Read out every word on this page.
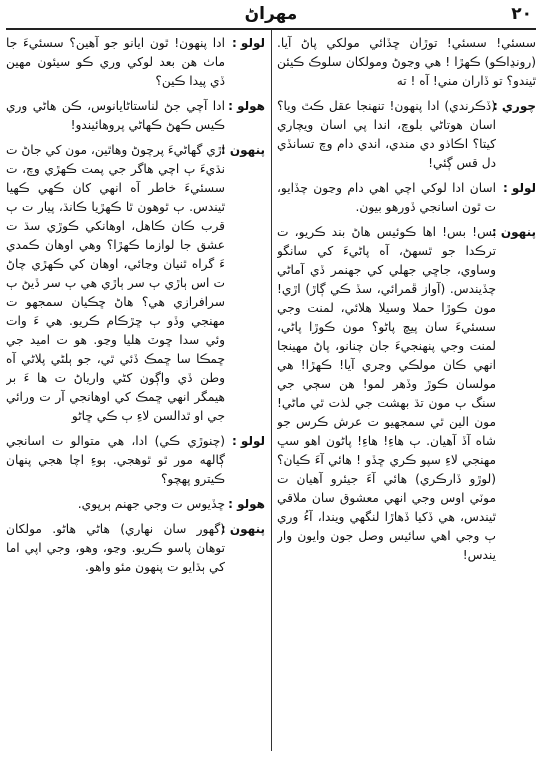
٢٠
مھراڻ
سسئي! سسئي! توڙان ڇڏائي مولکي پاڻ آيا. (رونڍاڪو) ڪهڙا ! هي وڃوڻ ومولکان سلوڪ ڪيئن ٿيندو؟ تو ڏاران مني! آه ! ته
چوري :
(ڏڪرندي) ادا پنهون! تنهنجا عقل ڪٿ ويا؟ اسان هوتاڻي بلوچ، اندا پي اسان ويچاري کيتا؟ اڪاذو دي مندي، اندي دام وچ تسانڏي دل قس ڳئي!
لولو :
اسان ادا لوکي اچي اهي دام وڃون چڏايو، ت ٿون اسانجي ڏورهو بيون.
پنهون :
بس! بس! اها ڪوئيس هاڻ بند ڪريو، ت ترڪدا جو ٿسهڻ، آه پاڻيءَ کي سانگو وساوي، جاڇي جهلي کي جهنمر ڏي آماڻي چڏيندس. (آواز ڦمرائي، سڏ ڪي ڳاڙ) اڙي! مون ڪوڙا حملا وسيلا هلائي، لمنت وجي سسئيءَ سان پيچ پاڻو؟ مون ڪوڙا پاڻي، لمنت وجي پنهنجيءَ جان چنانو، پاڻ مهينجا انهي ڪان مولڪي وڃري آيا! ڪهڙا! هي مولسان ڪوڙ وڏهر لمو! هن سڄي جي سنگ ٻ مون تڌ بهشت جي لذت ٿي ماڻي! مون الين ٿي سمجهيو ت عرش ڪرس جو شاه آڏ آهيان. ٻ هاءِ! هاءِ! پاڻون اهو سڀ مهنجي لاءِ سپو ڪري ڇڏو ! هائي آءَ ڪيان؟ (لوڙو ڏارڪري) هائي آءَ جيئرو آهيان ت موٽي اوس وجي انهي معشوق سان ملاقي ٿيندس، هي ڏکيا ڏهاڙا لنگهي ويندا، آءُ وري ٻ وجي اهي سائيس وصل جون وايون وار يندس!
لولو :
ادا پنهون! ٿون ايانو جو آهين؟ سسئيءَ جا ماٺ هن بعد لوکي وري ڪو سيئون مهين ڏي پيدا ڪين؟
هولو :
ادا آچي جڻ لناستاڻايانوس، ڪن هاڻي وري ڪيس ڪهڻ ڪهاڻي پروهائيندو!
پنهون :
اڙي گهاڻيءَ پرچوڻ وهاٿين، مون کي جاڻ ت نڌيءَ ٻ اچي هاگر جي پمت ڪهڙي وچ، ت سسئيءَ خاطر آه انهي کان ڪهي ڪهيا ٿيندس. ٻ ٿوهون ٿا ڪهڙيا ڪانڌ، پيار ت ٻ قرب ڪان ڪاهل، اوهانکي ڪوڙي سڌ ت عشق جا لوازما ڪهڙا؟ وهي اوهان ڪمدي ءَ گراه ٿنيان وڃائي، اوهان کي ڪهڙي چاڻ ت اس ٻاڙي ٻ سر ٻاڙي هي ٻ سر ڏيڻ ٻ سرافرازي هي؟ هاڻ ڇڪيان سمجهو ت مهنجي وڏو ٻ ڇڙڪام ڪريو. هي ءَ وات وئي سدا ڇوٽ هليا وڃو. هو ت اميد جي ڇمڪا سا ڇمڪ ڏئي ٿي، جو ٻلڻي پلاڻي آه وطن ڏي واڳون کڻي وارياڻ ت ھا ءَ بر هيمگر انهي ڇمڪ کي اوهانجي آر ت ورائي جي او ٿدالسن لاءِ ٻ ڪي ڇاڻو
لولو :
(چنوڙي ڪي) ادا، هي متوالو ت اسانجي ڳالهه مور ٿو ٿوهجي. ٻوءِ اچا هجي پنهان ڪيترو پهچو؟
هولو :
ڇڏيوس ت وجي جهنم ٻرپوي.
پنهون :
(گهور سان نهاري) هاڻي هاڻو. مولکان توهان پاسو ڪريو. وڃو، وهو، وجي اپي اما کي ٻڌايو ت پنهون مئو واهو.
